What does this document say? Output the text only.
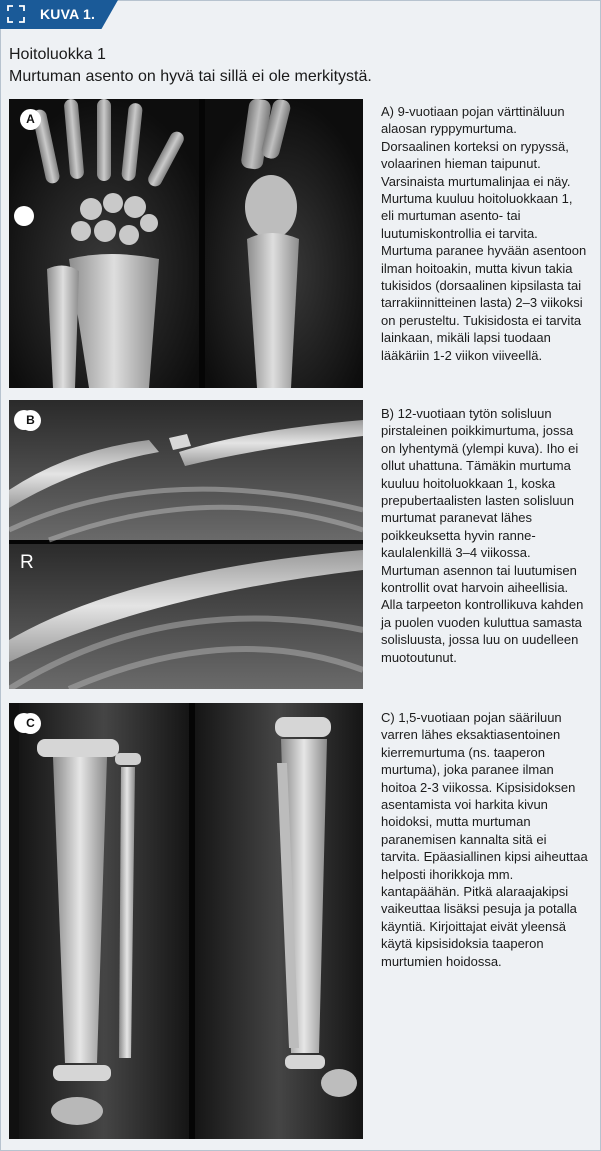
KUVA 1.
Hoitoluokka 1
Murtuman asento on hyvä tai sillä ei ole merkitystä.
A	A) 9-vuotiaan pojan värttinäluun alaosan ryppymurtuma. Dorsaalinen korteksi on rypyssä, volaarinen hieman taipunut. Varsinaista murtumalinjaa ei näy. Murtuma kuuluu hoitoluokkaan 1, eli murtuman asento- tai luutumiskontrollia ei tarvita. Murtuma paranee hyvään asentoon ilman hoitoakin, mutta kivun takia tukisidos (dorsaalinen kipsilasta tai tarrakiinnitteinen lasta) 2–3 viikoksi on perusteltu. Tukisidosta ei tarvita lainkaan, mikäli lapsi tuodaan lääkäriin 1-2 viikon viiveellä.
B
R
B) 12-vuotiaan tytön solisluun pirstaleinen poikkimurtuma, jossa on lyhentymä (ylempi kuva). Iho ei ollut uhattuna. Tämäkin murtuma kuuluu hoitoluokkaan 1, koska prepubertaalisten lasten solisluun murtumat paranevat lähes poikkeuksetta hyvin ranne-kaulalenkillä 3–4 viikossa. Murtuman asennon tai luutumisen kontrollit ovat harvoin aiheellisia. Alla tarpeeton kontrollikuva kahden ja puolen vuoden kuluttua samasta solisluusta, jossa luu on uudelleen muotoutunut.
C	C) 1,5-vuotiaan pojan sääriluun varren lähes eksaktiasentoinen kierremurtuma (ns. taaperon murtuma), joka paranee ilman hoitoa 2-3 viikossa. Kipsisidoksen asentamista voi harkita kivun hoidoksi, mutta murtuman paranemisen kannalta sitä ei tarvita. Epäasiallinen kipsi aiheuttaa helposti ihorikkoja mm. kantapäähän. Pitkä alaraajakipsi vaikeuttaa lisäksi pesuja ja potalla käyntiä. Kirjoittajat eivät yleensä käytä kipsisidoksia taaperon murtumien hoidossa.
